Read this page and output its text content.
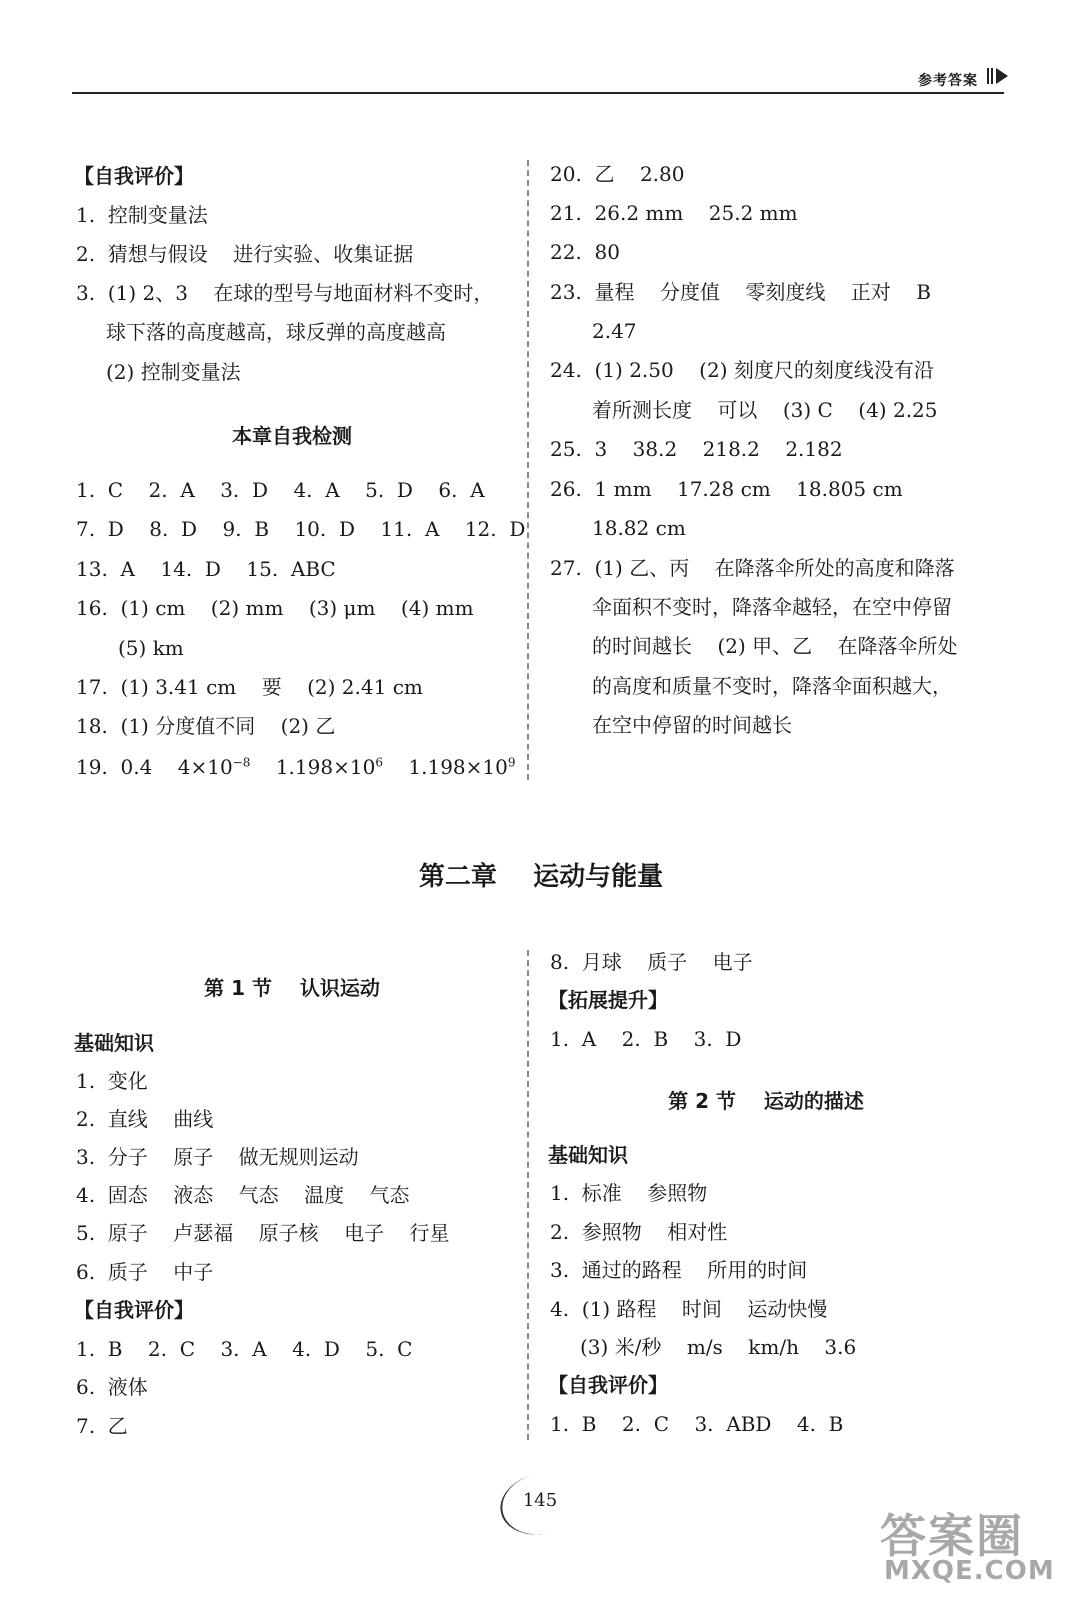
参考答案
【自我评价】
1.  控制变量法
2.  猜想与假设    进行实验、收集证据
3.  (1) 2、3    在球的型号与地面材料不变时，
球下落的高度越高，球反弹的高度越高
(2) 控制变量法
本章自我检测
1.  C    2.  A    3.  D    4.  A    5.  D    6.  A
7.  D    8.  D    9.  B    10.  D    11.  A    12.  D
13.  A    14.  D    15.  ABC
16.  (1) cm    (2) mm    (3) μm    (4) mm
(5) km
17.  (1) 3.41 cm    要    (2) 2.41 cm
18.  (1) 分度值不同    (2) 乙
19.  0.4    $4\times 10^{-8}$    $1.198\times 10^6$    $1.198\times 10^9$
20.  乙    2.80
21.  26.2 mm    25.2 mm
22.  80
23.  量程    分度值    零刻度线    正对    B
2.47
24.  (1) 2.50    (2) 刻度尺的刻度线没有沿
着所测长度    可以    (3) C    (4) 2.25
25.  3    38.2    218.2    2.182
26.  1 mm    17.28 cm    18.805 cm
18.82 cm
27.  (1) 乙、丙    在降落伞所处的高度和降落
伞面积不变时，降落伞越轻，在空中停留
的时间越长    (2) 甲、乙    在降落伞所处
的高度和质量不变时，降落伞面积越大，
在空中停留的时间越长
第二章    运动与能量
第 1 节    认识运动
基础知识
1.  变化
2.  直线    曲线
3.  分子    原子    做无规则运动
4.  固态    液态    气态    温度    气态
5.  原子    卢瑟福    原子核    电子    行星
6.  质子    中子
【自我评价】
1.  B    2.  C    3.  A    4.  D    5.  C
6.  液体
7.  乙
8.  月球    质子    电子
【拓展提升】
1.  A    2.  B    3.  D
第 2 节    运动的描述
基础知识
1.  标准    参照物
2.  参照物    相对性
3.  通过的路程    所用的时间
4.  (1) 路程    时间    运动快慢
(3) 米/秒    m/s    km/h    3.6
【自我评价】
1.  B    2.  C    3.  ABD    4.  B
145
答案圈
MXQE.COM
